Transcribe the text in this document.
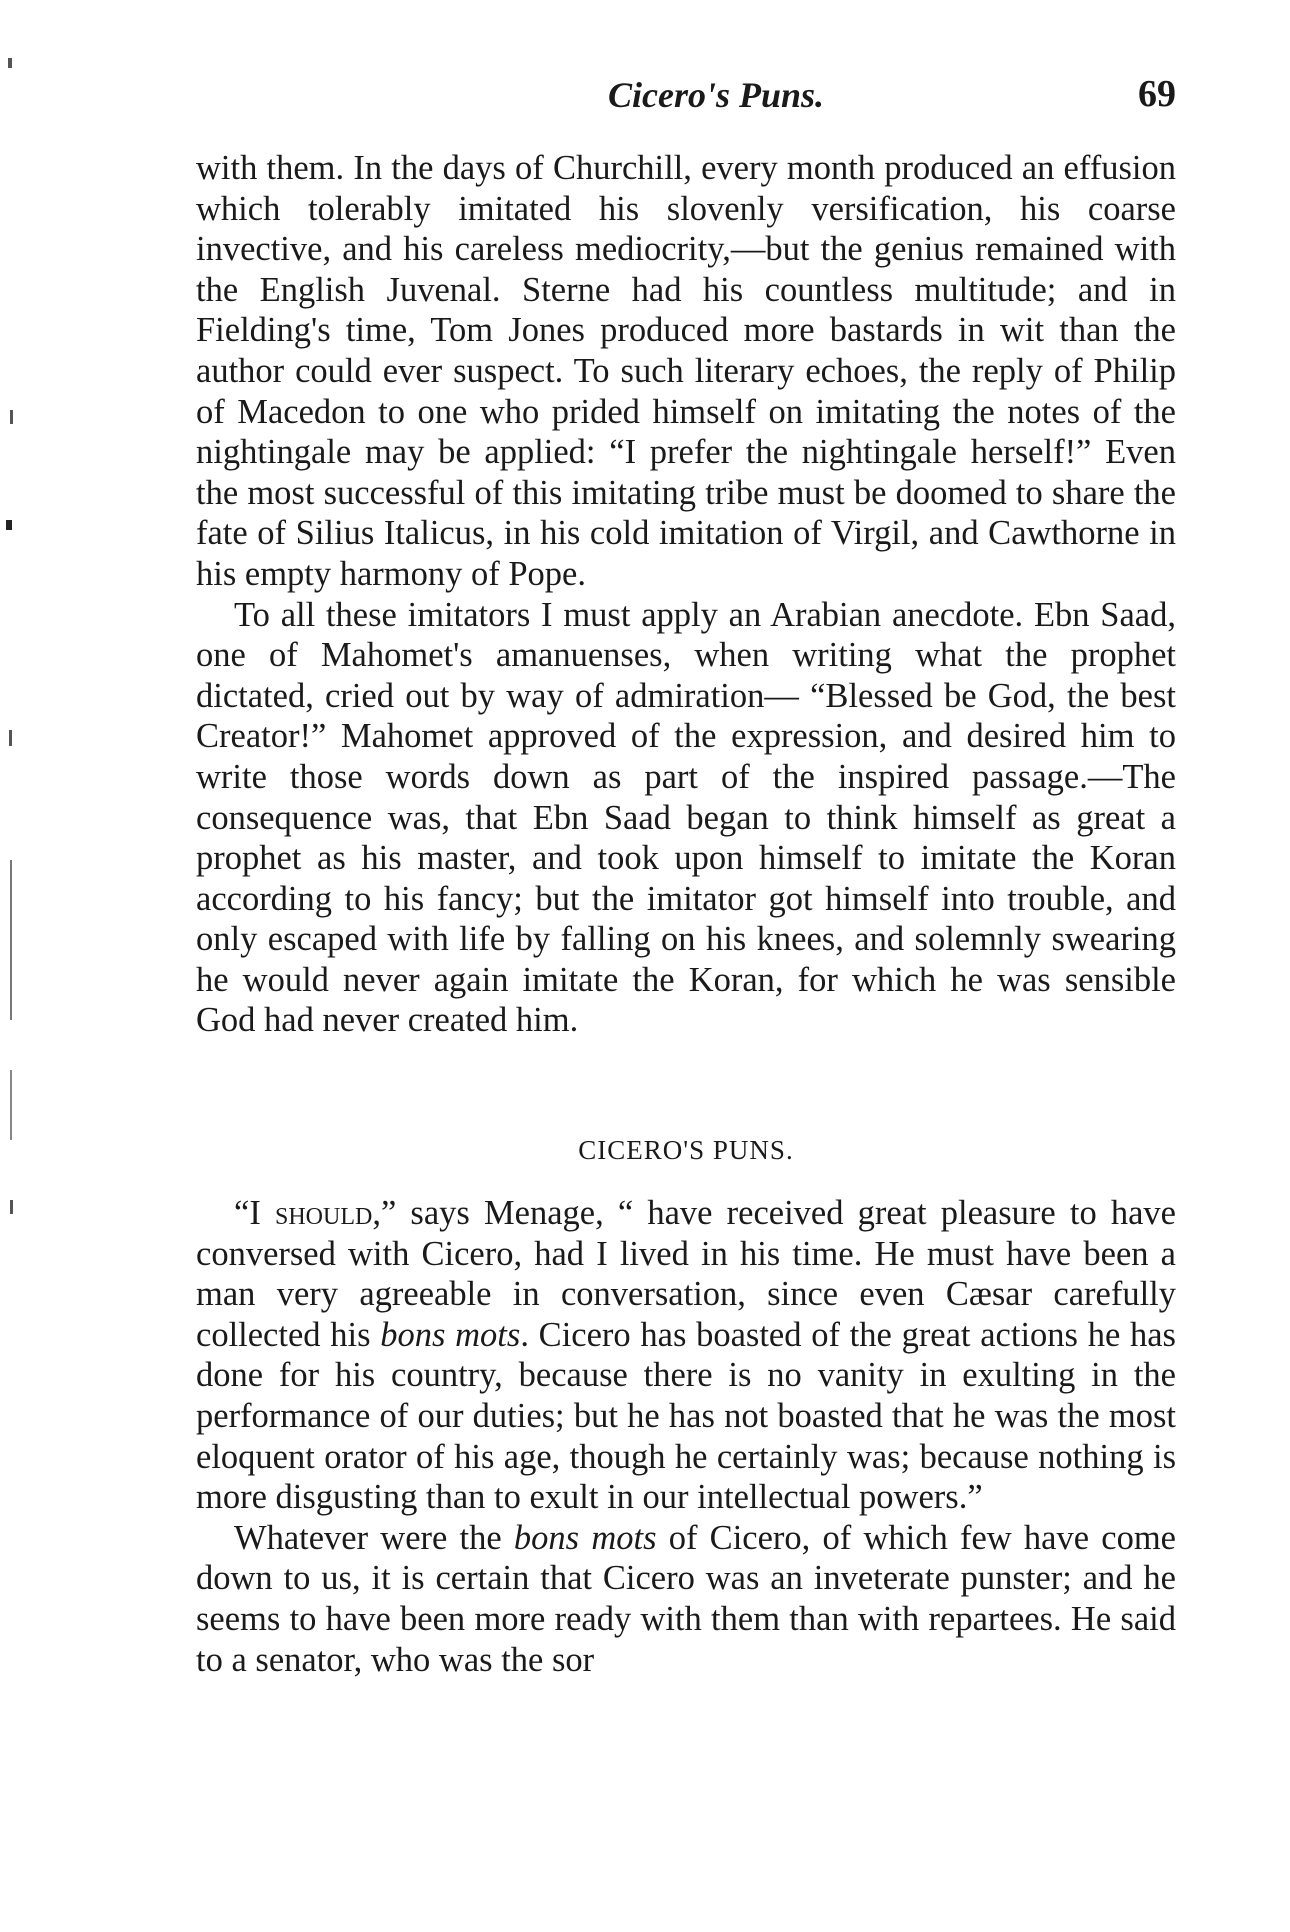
Cicero's Puns.	69

with them. In the days of Churchill, every month produced an effusion which tolerably imitated his slovenly versification, his coarse invective, and his careless mediocrity,—but the genius remained with the English Juvenal. Sterne had his countless multitude; and in Fielding's time, Tom Jones produced more bastards in wit than the author could ever suspect. To such literary echoes, the reply of Philip of Macedon to one who prided himself on imitating the notes of the nightingale may be applied: “I prefer the nightingale herself!” Even the most successful of this imitating tribe must be doomed to share the fate of Silius Italicus, in his cold imitation of Virgil, and Cawthorne in his empty harmony of Pope.

To all these imitators I must apply an Arabian anecdote. Ebn Saad, one of Mahomet's amanuenses, when writing what the prophet dictated, cried out by way of admiration— “Blessed be God, the best Creator!” Mahomet approved of the expression, and desired him to write those words down as part of the inspired passage.—The consequence was, that Ebn Saad began to think himself as great a prophet as his master, and took upon himself to imitate the Koran according to his fancy; but the imitator got himself into trouble, and only escaped with life by falling on his knees, and solemnly swearing he would never again imitate the Koran, for which he was sensible God had never created him.

CICERO'S PUNS.

“I should,” says Menage, “ have received great pleasure to have conversed with Cicero, had I lived in his time. He must have been a man very agreeable in conversation, since even Cæsar carefully collected his bons mots. Cicero has boasted of the great actions he has done for his country, because there is no vanity in exulting in the performance of our duties; but he has not boasted that he was the most eloquent orator of his age, though he certainly was; because nothing is more disgusting than to exult in our intellectual powers.”

Whatever were the bons mots of Cicero, of which few have come down to us, it is certain that Cicero was an inveterate punster; and he seems to have been more ready with them than with repartees. He said to a senator, who was the sor
